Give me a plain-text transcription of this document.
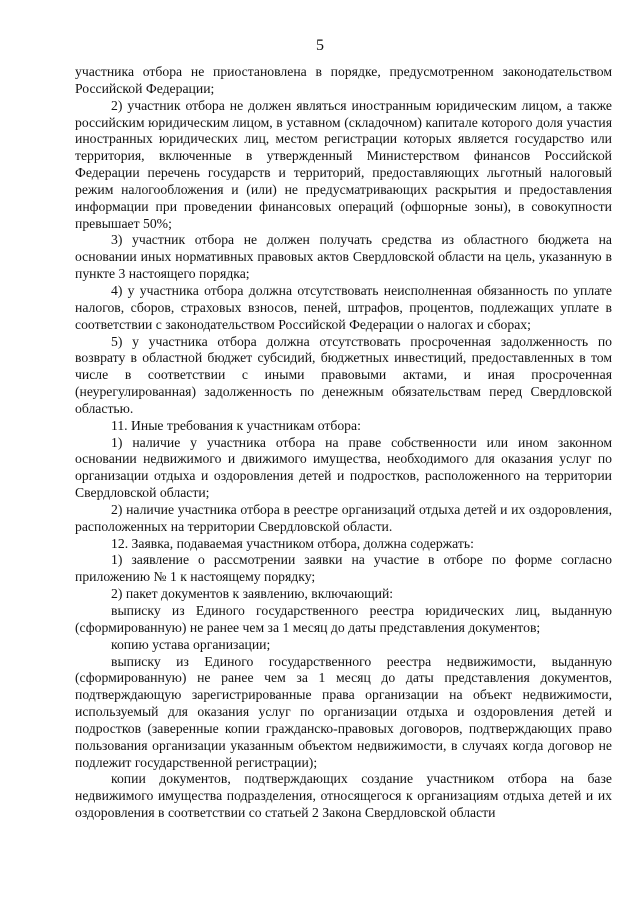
5

участника отбора не приостановлена в порядке, предусмотренном законодательством Российской Федерации;

2) участник отбора не должен являться иностранным юридическим лицом, а также российским юридическим лицом, в уставном (складочном) капитале которого доля участия иностранных юридических лиц, местом регистрации которых является государство или территория, включенные в утвержденный Министерством финансов Российской Федерации перечень государств и территорий, предоставляющих льготный налоговый режим налогообложения и (или) не предусматривающих раскрытия и предоставления информации при проведении финансовых операций (офшорные зоны), в совокупности превышает 50%;

3) участник отбора не должен получать средства из областного бюджета на основании иных нормативных правовых актов Свердловской области на цель, указанную в пункте 3 настоящего порядка;

4) у участника отбора должна отсутствовать неисполненная обязанность по уплате налогов, сборов, страховых взносов, пеней, штрафов, процентов, подлежащих уплате в соответствии с законодательством Российской Федерации о налогах и сборах;

5) у участника отбора должна отсутствовать просроченная задолженность по возврату в областной бюджет субсидий, бюджетных инвестиций, предоставленных в том числе в соответствии с иными правовыми актами, и иная просроченная (неурегулированная) задолженность по денежным обязательствам перед Свердловской областью.

11. Иные требования к участникам отбора:

1) наличие у участника отбора на праве собственности или ином законном основании недвижимого и движимого имущества, необходимого для оказания услуг по организации отдыха и оздоровления детей и подростков, расположенного на территории Свердловской области;

2) наличие участника отбора в реестре организаций отдыха детей и их оздоровления, расположенных на территории Свердловской области.

12. Заявка, подаваемая участником отбора, должна содержать:

1) заявление о рассмотрении заявки на участие в отборе по форме согласно приложению № 1 к настоящему порядку;

2) пакет документов к заявлению, включающий:

выписку из Единого государственного реестра юридических лиц, выданную (сформированную) не ранее чем за 1 месяц до даты представления документов;

копию устава организации;

выписку из Единого государственного реестра недвижимости, выданную (сформированную) не ранее чем за 1 месяц до даты представления документов, подтверждающую зарегистрированные права организации на объект недвижимости, используемый для оказания услуг по организации отдыха и оздоровления детей и подростков (заверенные копии гражданско-правовых договоров, подтверждающих право пользования организации указанным объектом недвижимости, в случаях когда договор не подлежит государственной регистрации);

копии документов, подтверждающих создание участником отбора на базе недвижимого имущества подразделения, относящегося к организациям отдыха детей и их оздоровления в соответствии со статьей 2 Закона Свердловской области
